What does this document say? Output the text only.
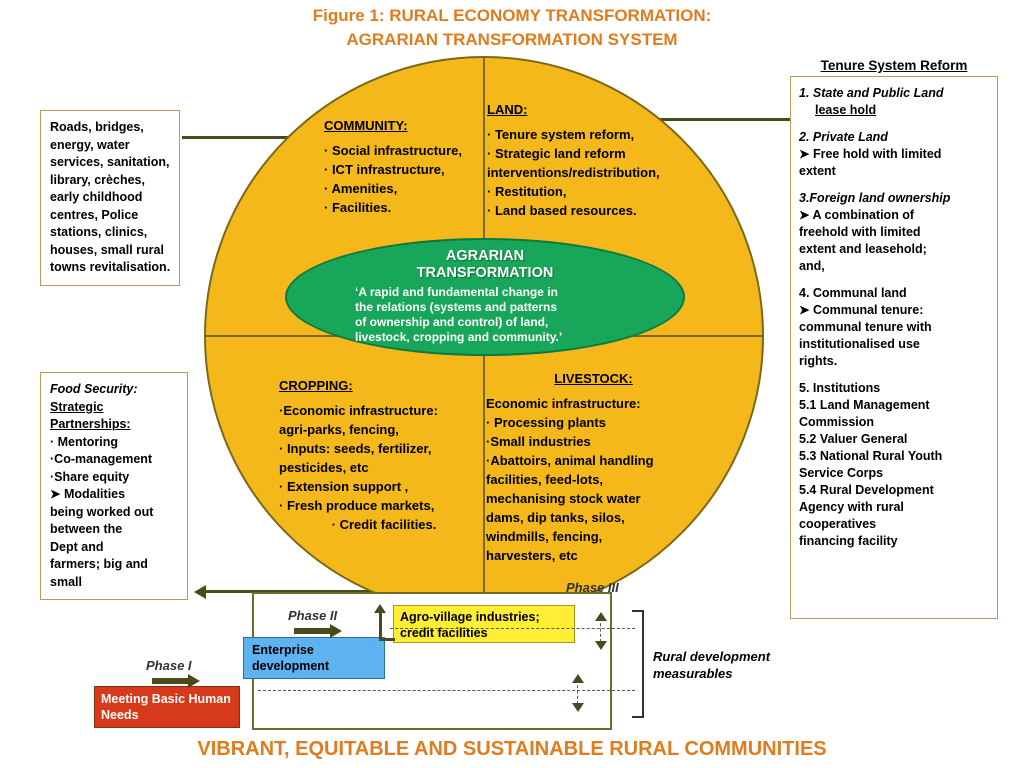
Figure 1: RURAL ECONOMY TRANSFORMATION:
AGRARIAN TRANSFORMATION SYSTEM
Roads, bridges, energy, water services, sanitation, library, crèches, early childhood centres, Police stations, clinics, houses, small rural towns revitalisation.
Food Security:
Strategic
Partnerships:
· Mentoring
·Co-management
·Share equity
➤ Modalities
being worked out
between the
Dept and
farmers; big and
small
COMMUNITY:
· Social infrastructure,
· ICT infrastructure,
· Amenities,
· Facilities.
LAND:
· Tenure system reform,
· Strategic land reform
interventions/redistribution,
· Restitution,
· Land based resources.
CROPPING:
·Economic infrastructure:
agri-parks, fencing,
· Inputs: seeds, fertilizer,
pesticides, etc
· Extension support ,
· Fresh produce markets,
· Credit facilities.
LIVESTOCK:
Economic infrastructure:
· Processing plants
·Small industries
·Abattoirs, animal handling
facilities, feed-lots,
mechanising stock water
dams, dip tanks, silos,
windmills, fencing,
harvesters, etc
AGRARIAN
TRANSFORMATION
‘A rapid and fundamental change in
the relations (systems and patterns
of ownership and control) of land,
livestock, cropping and community.’
Tenure System Reform
1. State and Public Land
lease hold
2. Private Land
➤ Free hold with limited
extent
3.Foreign land ownership
➤ A combination of
freehold with limited
extent and leasehold;
and,
4. Communal land
➤ Communal tenure:
communal tenure with
institutionalised use
rights.
5. Institutions
5.1 Land Management
Commission
5.2 Valuer General
5.3 National Rural Youth
Service Corps
5.4 Rural Development
Agency with rural
cooperatives
financing facility
Phase I
Phase II
Phase III
Meeting Basic Human Needs
Enterprise development
Agro-village industries; credit facilities
Rural development measurables
VIBRANT, EQUITABLE AND SUSTAINABLE RURAL COMMUNITIES
